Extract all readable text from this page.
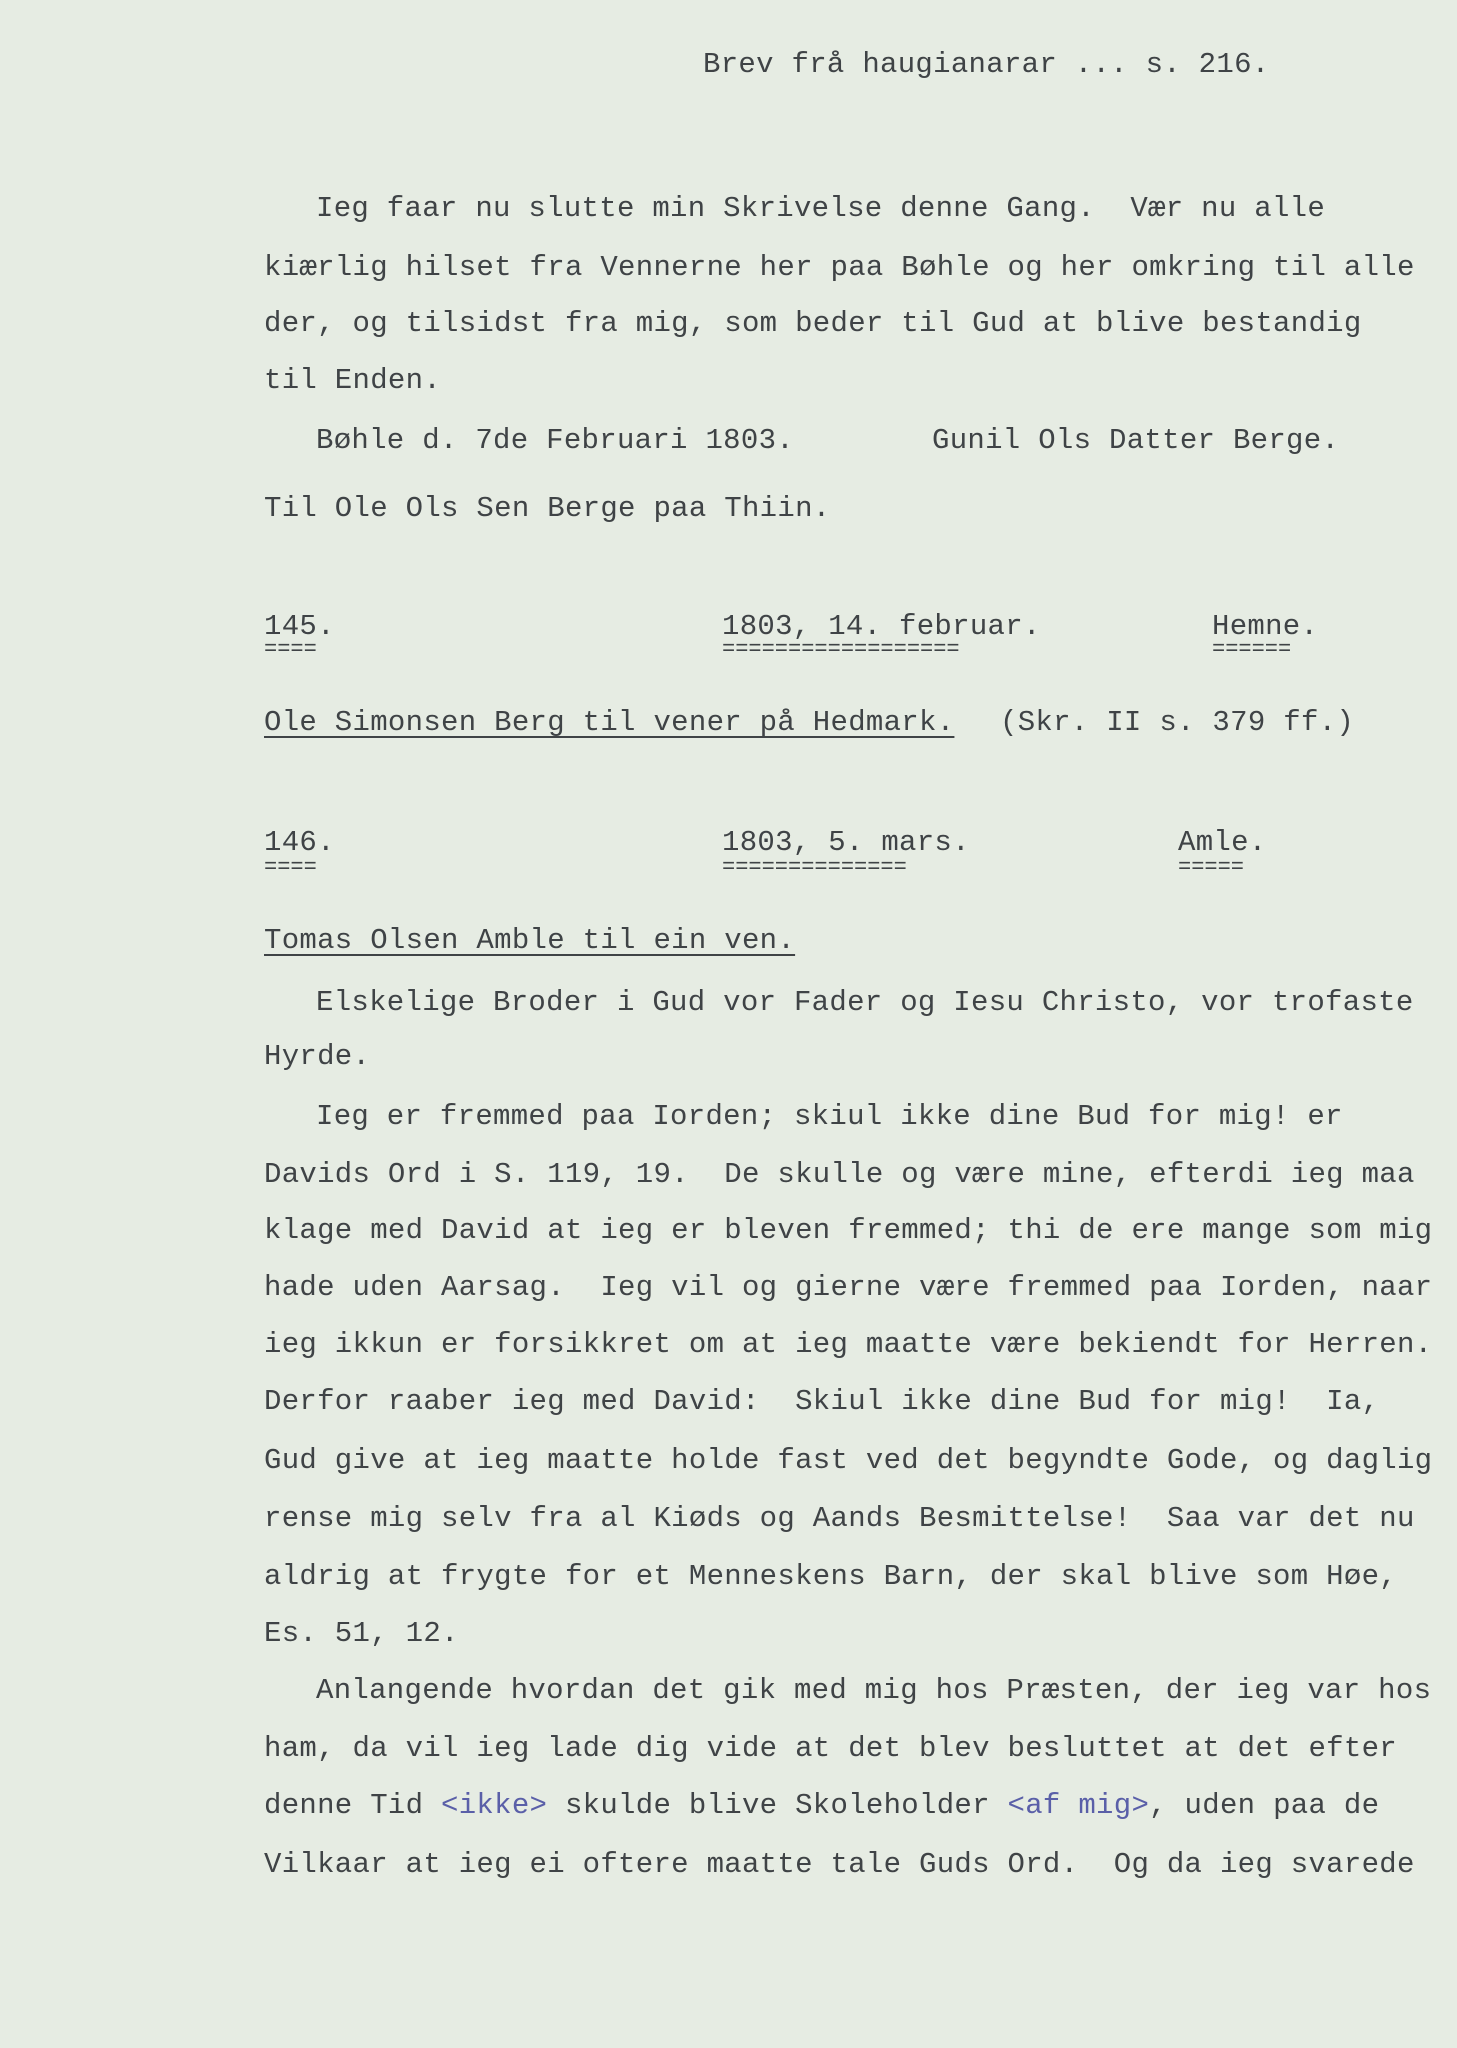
Brev frå haugianarar ... s. 216.
Ieg faar nu slutte min Skrivelse denne Gang.  Vær nu alle
kiærlig hilset fra Vennerne her paa Bøhle og her omkring til alle
der, og tilsidst fra mig, som beder til Gud at blive bestandig
til Enden.
Bøhle d. 7de Februari 1803.	Gunil Ols Datter Berge.
Til Ole Ols Sen Berge paa Thiin.
145.
====
1803, 14. februar.
==================
Hemne.
======
Ole Simonsen Berg til vener på Hedmark. (Skr. II s. 379 ff.)
146.
====
1803, 5. mars.
==============
Amle.
=====
Tomas Olsen Amble til ein ven.
Elskelige Broder i Gud vor Fader og Iesu Christo, vor trofaste
Hyrde.
Ieg er fremmed paa Iorden; skiul ikke dine Bud for mig! er
Davids Ord i S. 119, 19.  De skulle og være mine, efterdi ieg maa
klage med David at ieg er bleven fremmed; thi de ere mange som mig
hade uden Aarsag.  Ieg vil og gierne være fremmed paa Iorden, naar
ieg ikkun er forsikkret om at ieg maatte være bekiendt for Herren.
Derfor raaber ieg med David:  Skiul ikke dine Bud for mig!  Ia,
Gud give at ieg maatte holde fast ved det begyndte Gode, og daglig
rense mig selv fra al Kiøds og Aands Besmittelse!  Saa var det nu
aldrig at frygte for et Menneskens Barn, der skal blive som Høe,
Es. 51, 12.
Anlangende hvordan det gik med mig hos Præsten, der ieg var hos
ham, da vil ieg lade dig vide at det blev besluttet at det efter
denne Tid <ikke> skulde blive Skoleholder <af mig>, uden paa de
Vilkaar at ieg ei oftere maatte tale Guds Ord.  Og da ieg svarede
